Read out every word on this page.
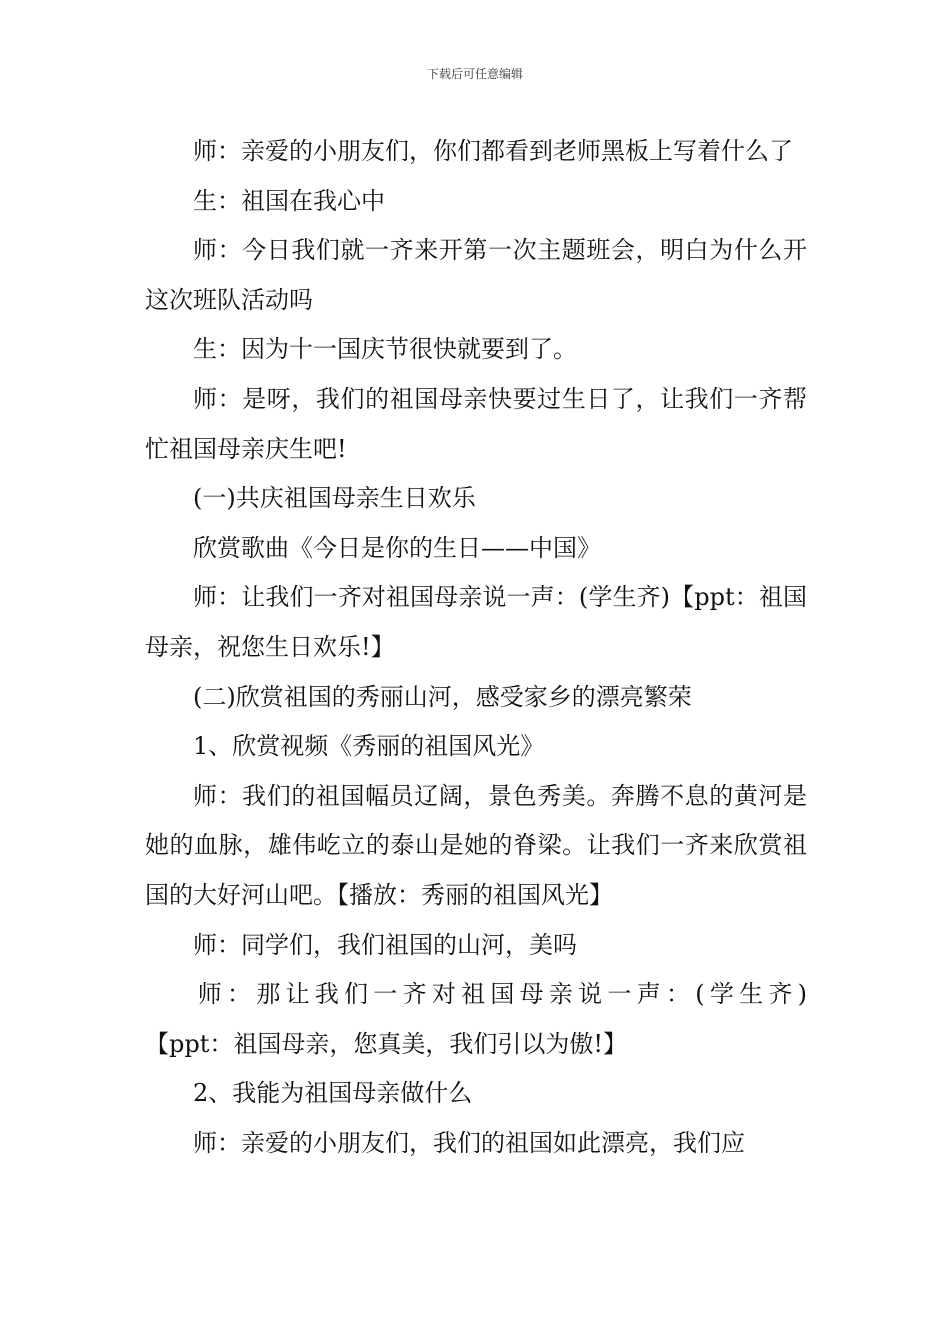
下载后可任意编辑

师：亲爱的小朋友们，你们都看到老师黑板上写着什么了

生：祖国在我心中

师：今日我们就一齐来开第一次主题班会，明白为什么开这次班队活动吗

生：因为十一国庆节很快就要到了。

师：是呀，我们的祖国母亲快要过生日了，让我们一齐帮忙祖国母亲庆生吧!

(一)共庆祖国母亲生日欢乐

欣赏歌曲《今日是你的生日——中国》

师：让我们一齐对祖国母亲说一声：(学生齐)【ppt：祖国母亲，祝您生日欢乐!】

(二)欣赏祖国的秀丽山河，感受家乡的漂亮繁荣

1、欣赏视频《秀丽的祖国风光》

师：我们的祖国幅员辽阔，景色秀美。奔腾不息的黄河是她的血脉，雄伟屹立的泰山是她的脊梁。让我们一齐来欣赏祖国的大好河山吧。【播放：秀丽的祖国风光】

师：同学们，我们祖国的山河，美吗

师：那让我们一齐对祖国母亲说一声：(学生齐)

【ppt：祖国母亲，您真美，我们引以为傲!】

2、我能为祖国母亲做什么

师：亲爱的小朋友们，我们的祖国如此漂亮，我们应
